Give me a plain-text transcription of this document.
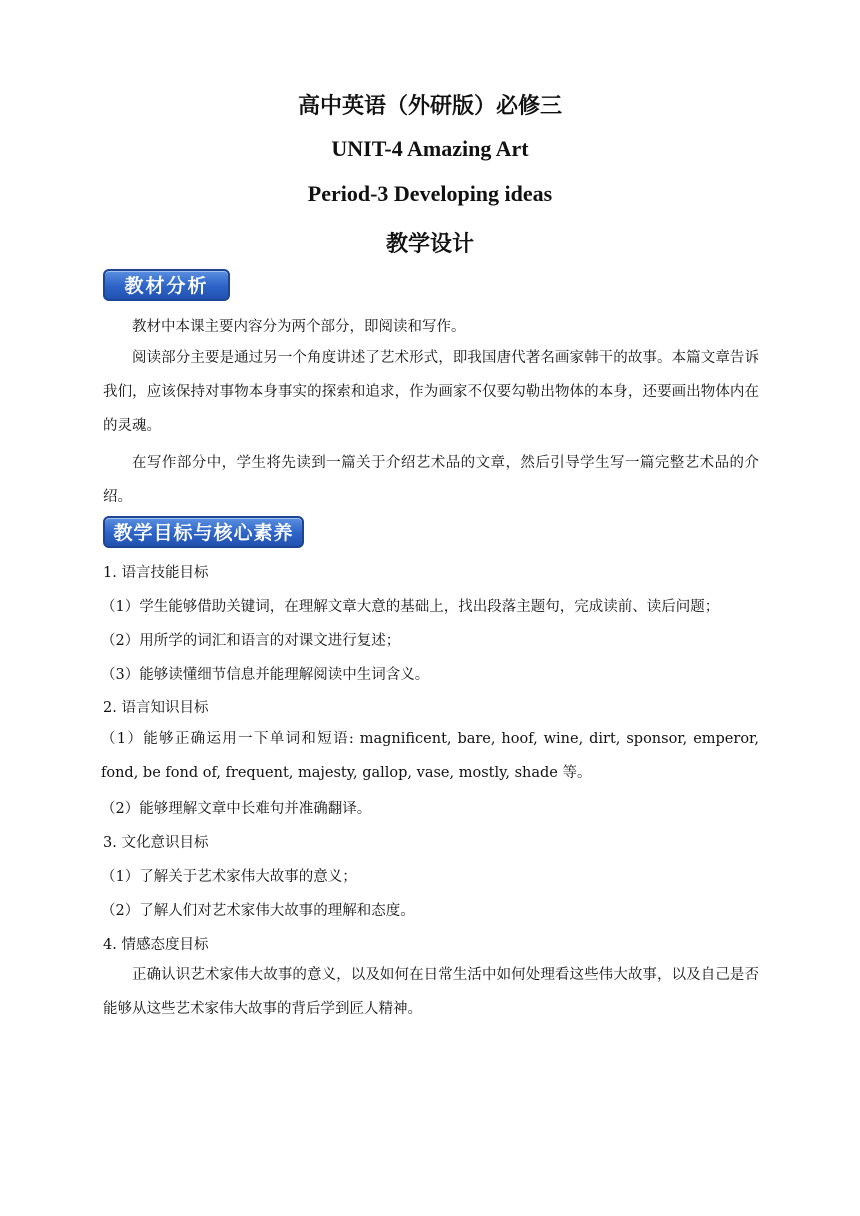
高中英语（外研版）必修三
UNIT-4 Amazing Art
Period-3 Developing ideas
教学设计
教材分析
教材中本课主要内容分为两个部分，即阅读和写作。
阅读部分主要是通过另一个角度讲述了艺术形式，即我国唐代著名画家韩干的故事。本篇文章告诉我们，应该保持对事物本身事实的探索和追求，作为画家不仅要勾勒出物体的本身，还要画出物体内在的灵魂。
在写作部分中，学生将先读到一篇关于介绍艺术品的文章，然后引导学生写一篇完整艺术品的介绍。
教学目标与核心素养
1. 语言技能目标
（1）学生能够借助关键词，在理解文章大意的基础上，找出段落主题句，完成读前、读后问题；
（2）用所学的词汇和语言的对课文进行复述；
（3）能够读懂细节信息并能理解阅读中生词含义。
2. 语言知识目标
（1）能够正确运用一下单词和短语: magnificent, bare, hoof, wine, dirt, sponsor, emperor, fond, be fond of, frequent, majesty, gallop, vase, mostly, shade 等。
（2）能够理解文章中长难句并准确翻译。
3. 文化意识目标
（1）了解关于艺术家伟大故事的意义；
（2）了解人们对艺术家伟大故事的理解和态度。
4. 情感态度目标
正确认识艺术家伟大故事的意义，以及如何在日常生活中如何处理看这些伟大故事，以及自己是否能够从这些艺术家伟大故事的背后学到匠人精神。
